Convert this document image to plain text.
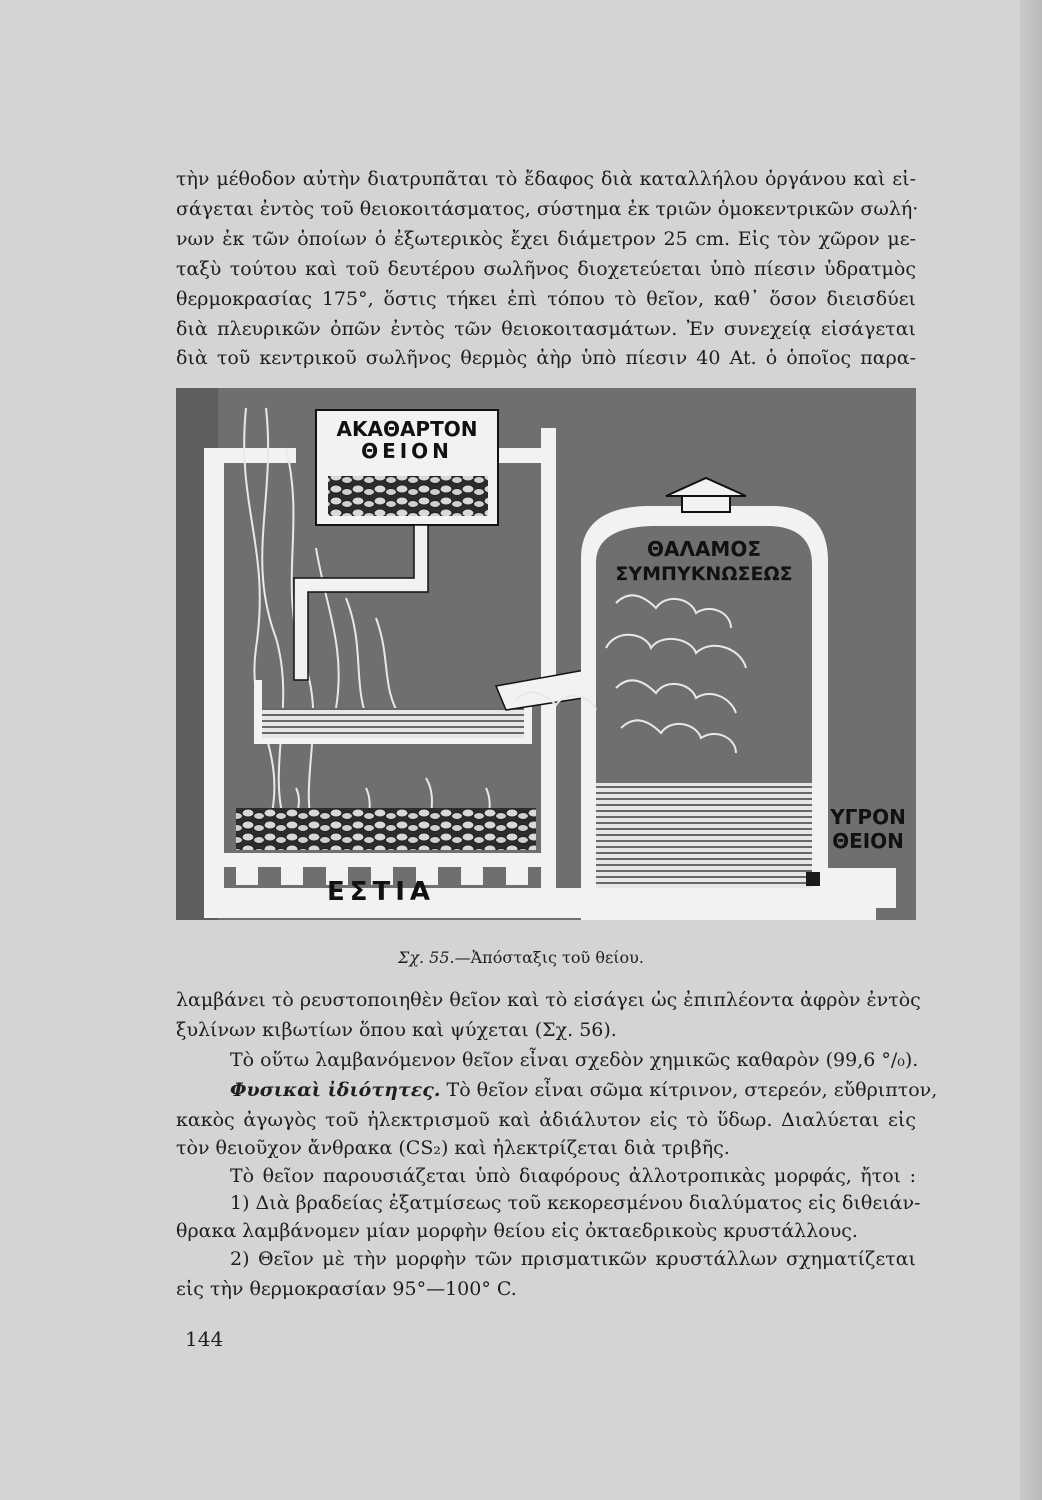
τὴν μέθοδον αὐτὴν διατρυπᾶται τὸ ἔδαφος διὰ καταλλήλου ὀργάνου καὶ εἰ-
σάγεται ἐντὸς τοῦ θειοκοιτάσματος, σύστημα ἐκ τριῶν ὁμοκεντρικῶν σωλή·
νων ἐκ τῶν ὁποίων ὁ ἐξωτερικὸς ἔχει διάμετρον 25 cm. Εἰς τὸν χῶρον με-
ταξὺ τούτου καὶ τοῦ δευτέρου σωλῆνος διοχετεύεται ὑπὸ πίεσιν ὑδρατμὸς
θερμοκρασίας 175°, ὅστις τήκει ἐπὶ τόπου τὸ θεῖον, καθ᾽ ὅσον διεισδύει
διὰ πλευρικῶν ὀπῶν ἐντὸς τῶν θειοκοιτασμάτων. Ἐν συνεχείᾳ εἰσάγεται
διὰ τοῦ κεντρικοῦ σωλῆνος θερμὸς ἀὴρ ὑπὸ πίεσιν 40 At. ὁ ὁποῖος παρα-
ΑΚΑΘΑΡΤΟΝ
ΘΕΙΟΝ
ΘΑΛΑΜΟΣ
ΣΥΜΠΥΚΝΩΣΕΩΣ
ΥΓΡΟΝ
ΘΕΙΟΝ
ΕΣΤΙΑ
Σχ. 55.—Ἀπόσταξις τοῦ θείου.
λαμβάνει τὸ ρευστοποιηθὲν θεῖον καὶ τὸ εἰσάγει ὡς ἐπιπλέοντα ἀφρὸν ἐντὸς
ξυλίνων κιβωτίων ὅπου καὶ ψύχεται (Σχ. 56).
Τὸ οὕτω λαμβανόμενον θεῖον εἶναι σχεδὸν χημικῶς καθαρὸν (99,6 °/₀).
Φυσικαὶ ἰδιότητες. Τὸ θεῖον εἶναι σῶμα κίτρινον, στερεόν, εὔθριπτον,
κακὸς ἀγωγὸς τοῦ ἠλεκτρισμοῦ καὶ ἀδιάλυτον εἰς τὸ ὕδωρ. Διαλύεται εἰς
τὸν θειοῦχον ἄνθρακα (CS₂) καὶ ἠλεκτρίζεται διὰ τριβῆς.
Τὸ θεῖον παρουσιάζεται ὑπὸ διαφόρους ἀλλοτροπικὰς μορφάς, ἤτοι :
1) Διὰ βραδείας ἐξατμίσεως τοῦ κεκορεσμένου διαλύματος εἰς διθειάν-
θρακα λαμβάνομεν μίαν μορφὴν θείου εἰς ὀκταεδρικοὺς κρυστάλλους.
2) Θεῖον μὲ τὴν μορφὴν τῶν πρισματικῶν κρυστάλλων σχηματίζεται
εἰς τὴν θερμοκρασίαν 95°—100° C.
144
